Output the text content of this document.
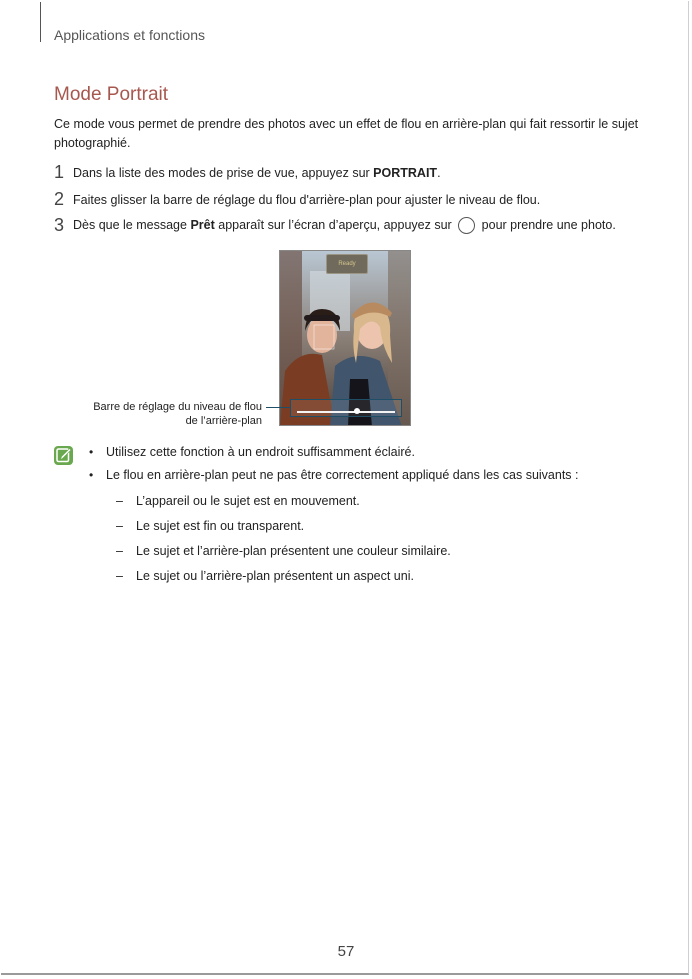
Applications et fonctions
Mode Portrait
Ce mode vous permet de prendre des photos avec un effet de flou en arrière-plan qui fait ressortir le sujet photographié.
1 Dans la liste des modes de prise de vue, appuyez sur PORTRAIT.
2 Faites glisser la barre de réglage du flou d'arrière-plan pour ajuster le niveau de flou.
3 Dès que le message Prêt apparaît sur l’écran d’aperçu, appuyez sur  pour prendre une photo.
Ready
Barre de réglage du niveau de flou
de l’arrière-plan
• Utilisez cette fonction à un endroit suffisamment éclairé.
• Le flou en arrière-plan peut ne pas être correctement appliqué dans les cas suivants :
– L’appareil ou le sujet est en mouvement.
– Le sujet est fin ou transparent.
– Le sujet et l’arrière-plan présentent une couleur similaire.
– Le sujet ou l’arrière-plan présentent un aspect uni.
57
